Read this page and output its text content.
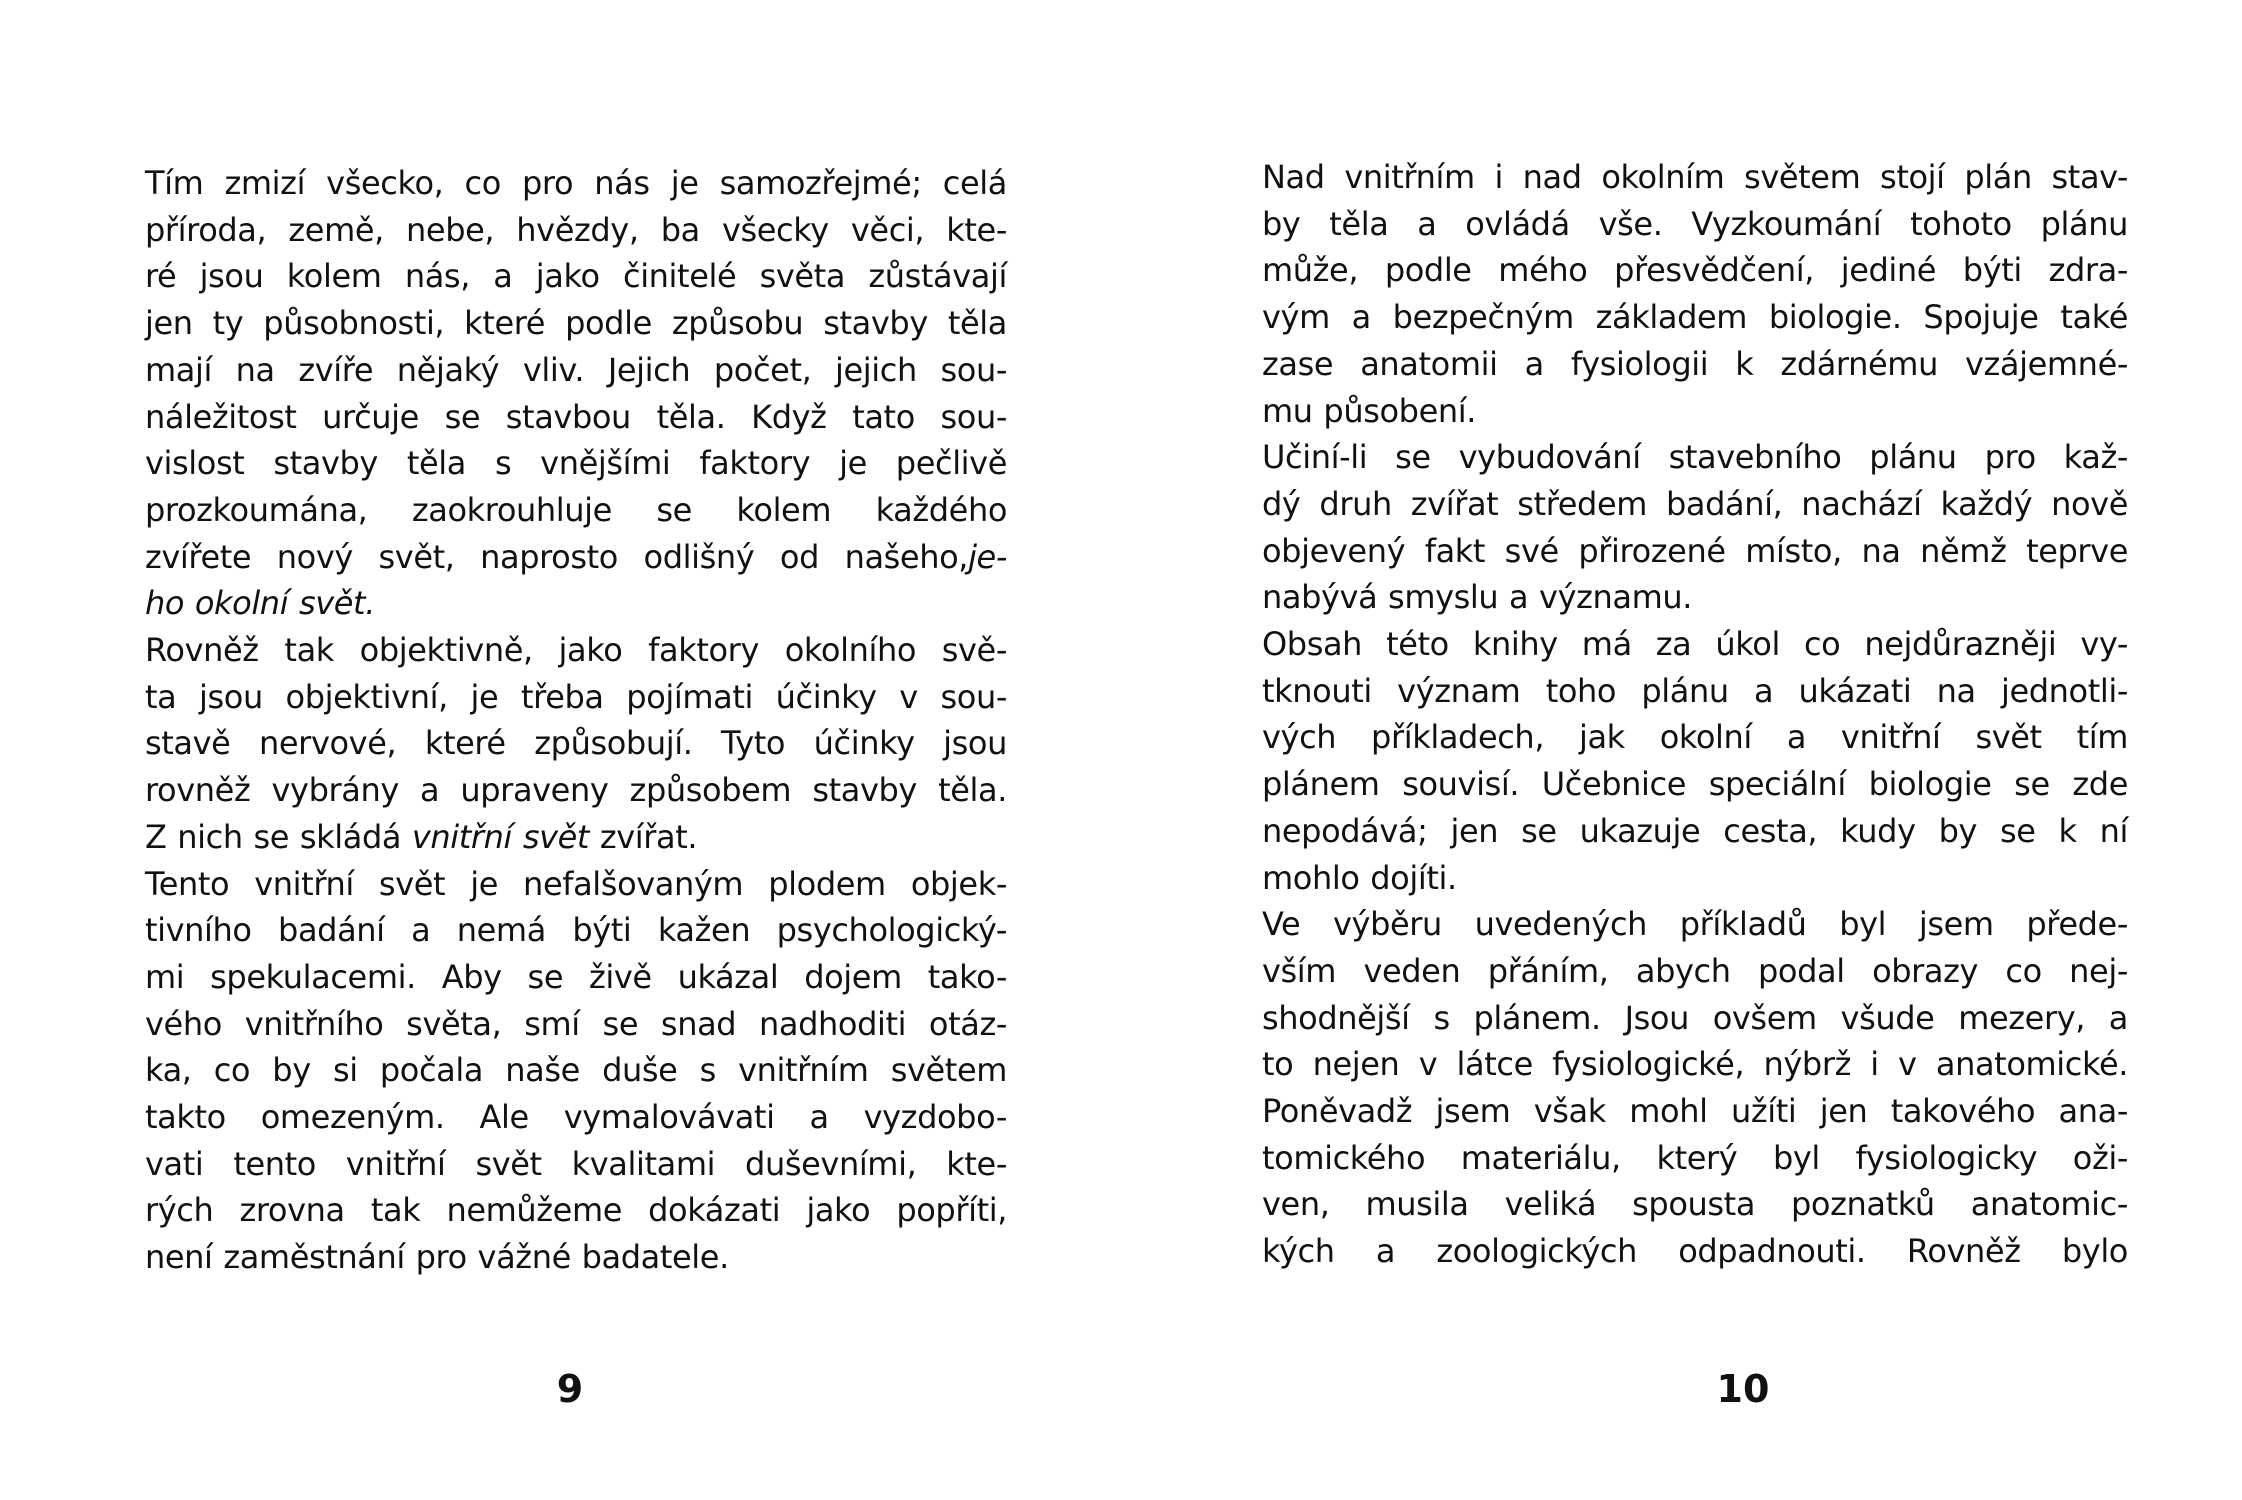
Tím zmizí všecko, co pro nás je samozřejmé; celá
příroda, země, nebe, hvězdy, ba všecky věci, kte-
ré jsou kolem nás, a jako činitelé světa zůstávají
jen ty působnosti, které podle způsobu stavby těla
mají na zvíře nějaký vliv. Jejich počet, jejich sou-
náležitost určuje se stavbou těla. Když tato sou-
vislost stavby těla s vnějšími faktory je pečlivě
prozkoumána, zaokrouhluje se kolem každého
zvířete nový svět, naprosto odlišný od našeho,je-
ho okolní svět.
Rovněž tak objektivně, jako faktory okolního svě-
ta jsou objektivní, je třeba pojímati účinky v sou-
stavě nervové, které způsobují. Tyto účinky jsou
rovněž vybrány a upraveny způsobem stavby těla.
Z nich se skládá vnitřní svět zvířat.
Tento vnitřní svět je nefalšovaným plodem objek-
tivního badání a nemá býti kažen psychologický-
mi spekulacemi. Aby se živě ukázal dojem tako-
vého vnitřního světa, smí se snad nadhoditi otáz-
ka, co by si počala naše duše s vnitřním světem
takto omezeným. Ale vymalovávati a vyzdobo-
vati tento vnitřní svět kvalitami duševními, kte-
rých zrovna tak nemůžeme dokázati jako popříti,
není zaměstnání pro vážné badatele.
9
Nad vnitřním i nad okolním světem stojí plán stav-
by těla a ovládá vše. Vyzkoumání tohoto plánu
může, podle mého přesvědčení, jediné býti zdra-
vým a bezpečným základem biologie. Spojuje také
zase anatomii a fysiologii k zdárnému vzájemné-
mu působení.
Učiní-li se vybudování stavebního plánu pro kaž-
dý druh zvířat středem badání, nachází každý nově
objevený fakt své přirozené místo, na němž teprve
nabývá smyslu a významu.
Obsah této knihy má za úkol co nejdůrazněji vy-
tknouti význam toho plánu a ukázati na jednotli-
vých příkladech, jak okolní a vnitřní svět tím
plánem souvisí. Učebnice speciální biologie se zde
nepodává; jen se ukazuje cesta, kudy by se k ní
mohlo dojíti.
Ve výběru uvedených příkladů byl jsem přede-
vším veden přáním, abych podal obrazy co nej-
shodnější s plánem. Jsou ovšem všude mezery, a
to nejen v látce fysiologické, nýbrž i v anatomické.
Poněvadž jsem však mohl užíti jen takového ana-
tomického materiálu, který byl fysiologicky oži-
ven, musila veliká spousta poznatků anatomic-
kých a zoologických odpadnouti. Rovněž bylo
10
